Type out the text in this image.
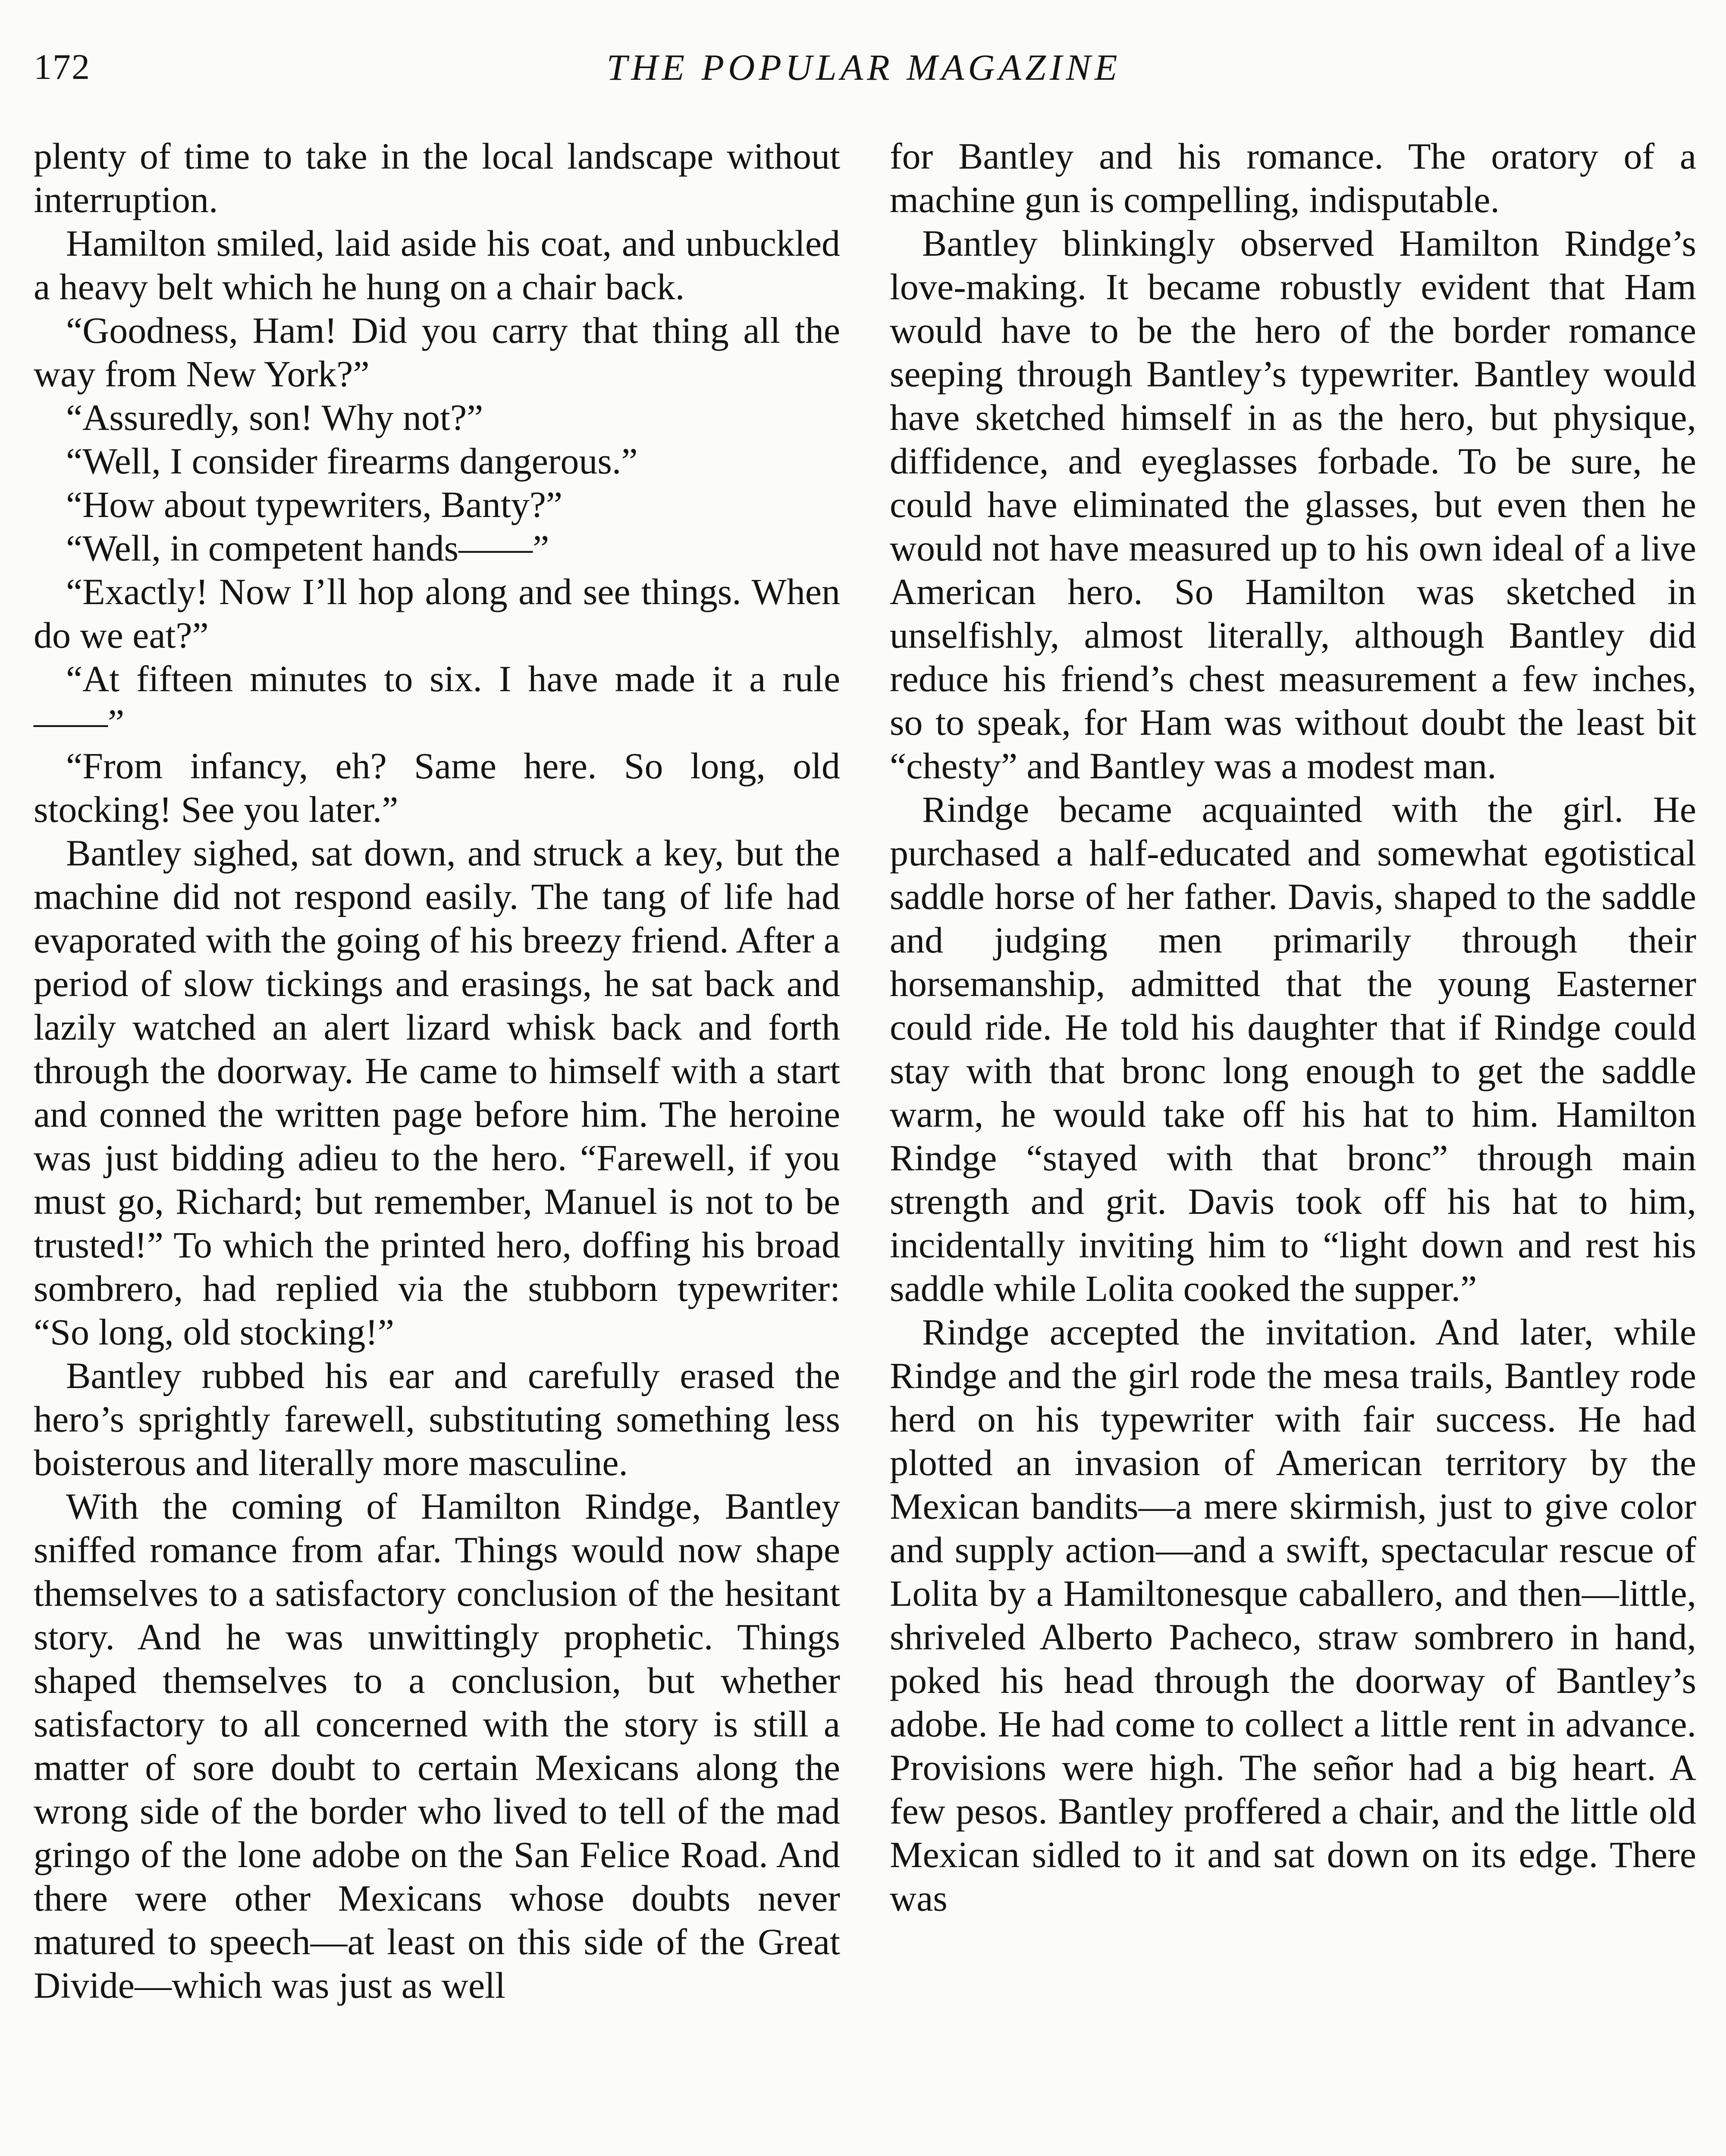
172	THE POPULAR MAGAZINE

plenty of time to take in the local landscape without interruption.

Hamilton smiled, laid aside his coat, and unbuckled a heavy belt which he hung on a chair back.

“Goodness, Ham! Did you carry that thing all the way from New York?”

“Assuredly, son! Why not?”

“Well, I consider firearms dangerous.”

“How about typewriters, Banty?”

“Well, in competent hands——”

“Exactly! Now I’ll hop along and see things. When do we eat?”

“At fifteen minutes to six. I have made it a rule——”

“From infancy, eh? Same here. So long, old stocking! See you later.”

Bantley sighed, sat down, and struck a key, but the machine did not respond easily. The tang of life had evaporated with the going of his breezy friend. After a period of slow tickings and erasings, he sat back and lazily watched an alert lizard whisk back and forth through the doorway. He came to himself with a start and conned the written page before him. The heroine was just bidding adieu to the hero. “Farewell, if you must go, Richard; but remember, Manuel is not to be trusted!” To which the printed hero, doffing his broad sombrero, had replied via the stubborn typewriter: “So long, old stocking!”

Bantley rubbed his ear and carefully erased the hero’s sprightly farewell, substituting something less boisterous and literally more masculine.

With the coming of Hamilton Rindge, Bantley sniffed romance from afar. Things would now shape themselves to a satisfactory conclusion of the hesitant story. And he was unwittingly prophetic. Things shaped themselves to a conclusion, but whether satisfactory to all concerned with the story is still a matter of sore doubt to certain Mexicans along the wrong side of the border who lived to tell of the mad gringo of the lone adobe on the San Felice Road. And there were other Mexicans whose doubts never matured to speech—at least on this side of the Great Divide—which was just as well

for Bantley and his romance. The oratory of a machine gun is compelling, indisputable.

Bantley blinkingly observed Hamilton Rindge’s love-making. It became robustly evident that Ham would have to be the hero of the border romance seeping through Bantley’s typewriter. Bantley would have sketched himself in as the hero, but physique, diffidence, and eyeglasses forbade. To be sure, he could have eliminated the glasses, but even then he would not have measured up to his own ideal of a live American hero. So Hamilton was sketched in unselfishly, almost literally, although Bantley did reduce his friend’s chest measurement a few inches, so to speak, for Ham was without doubt the least bit “chesty” and Bantley was a modest man.

Rindge became acquainted with the girl. He purchased a half-educated and somewhat egotistical saddle horse of her father. Davis, shaped to the saddle and judging men primarily through their horsemanship, admitted that the young Easterner could ride. He told his daughter that if Rindge could stay with that bronc long enough to get the saddle warm, he would take off his hat to him. Hamilton Rindge “stayed with that bronc” through main strength and grit. Davis took off his hat to him, incidentally inviting him to “light down and rest his saddle while Lolita cooked the supper.”

Rindge accepted the invitation. And later, while Rindge and the girl rode the mesa trails, Bantley rode herd on his typewriter with fair success. He had plotted an invasion of American territory by the Mexican bandits—a mere skirmish, just to give color and supply action—and a swift, spectacular rescue of Lolita by a Hamiltonesque caballero, and then—little, shriveled Alberto Pacheco, straw sombrero in hand, poked his head through the doorway of Bantley’s adobe. He had come to collect a little rent in advance. Provisions were high. The señor had a big heart. A few pesos. Bantley proffered a chair, and the little old Mexican sidled to it and sat down on its edge. There was
